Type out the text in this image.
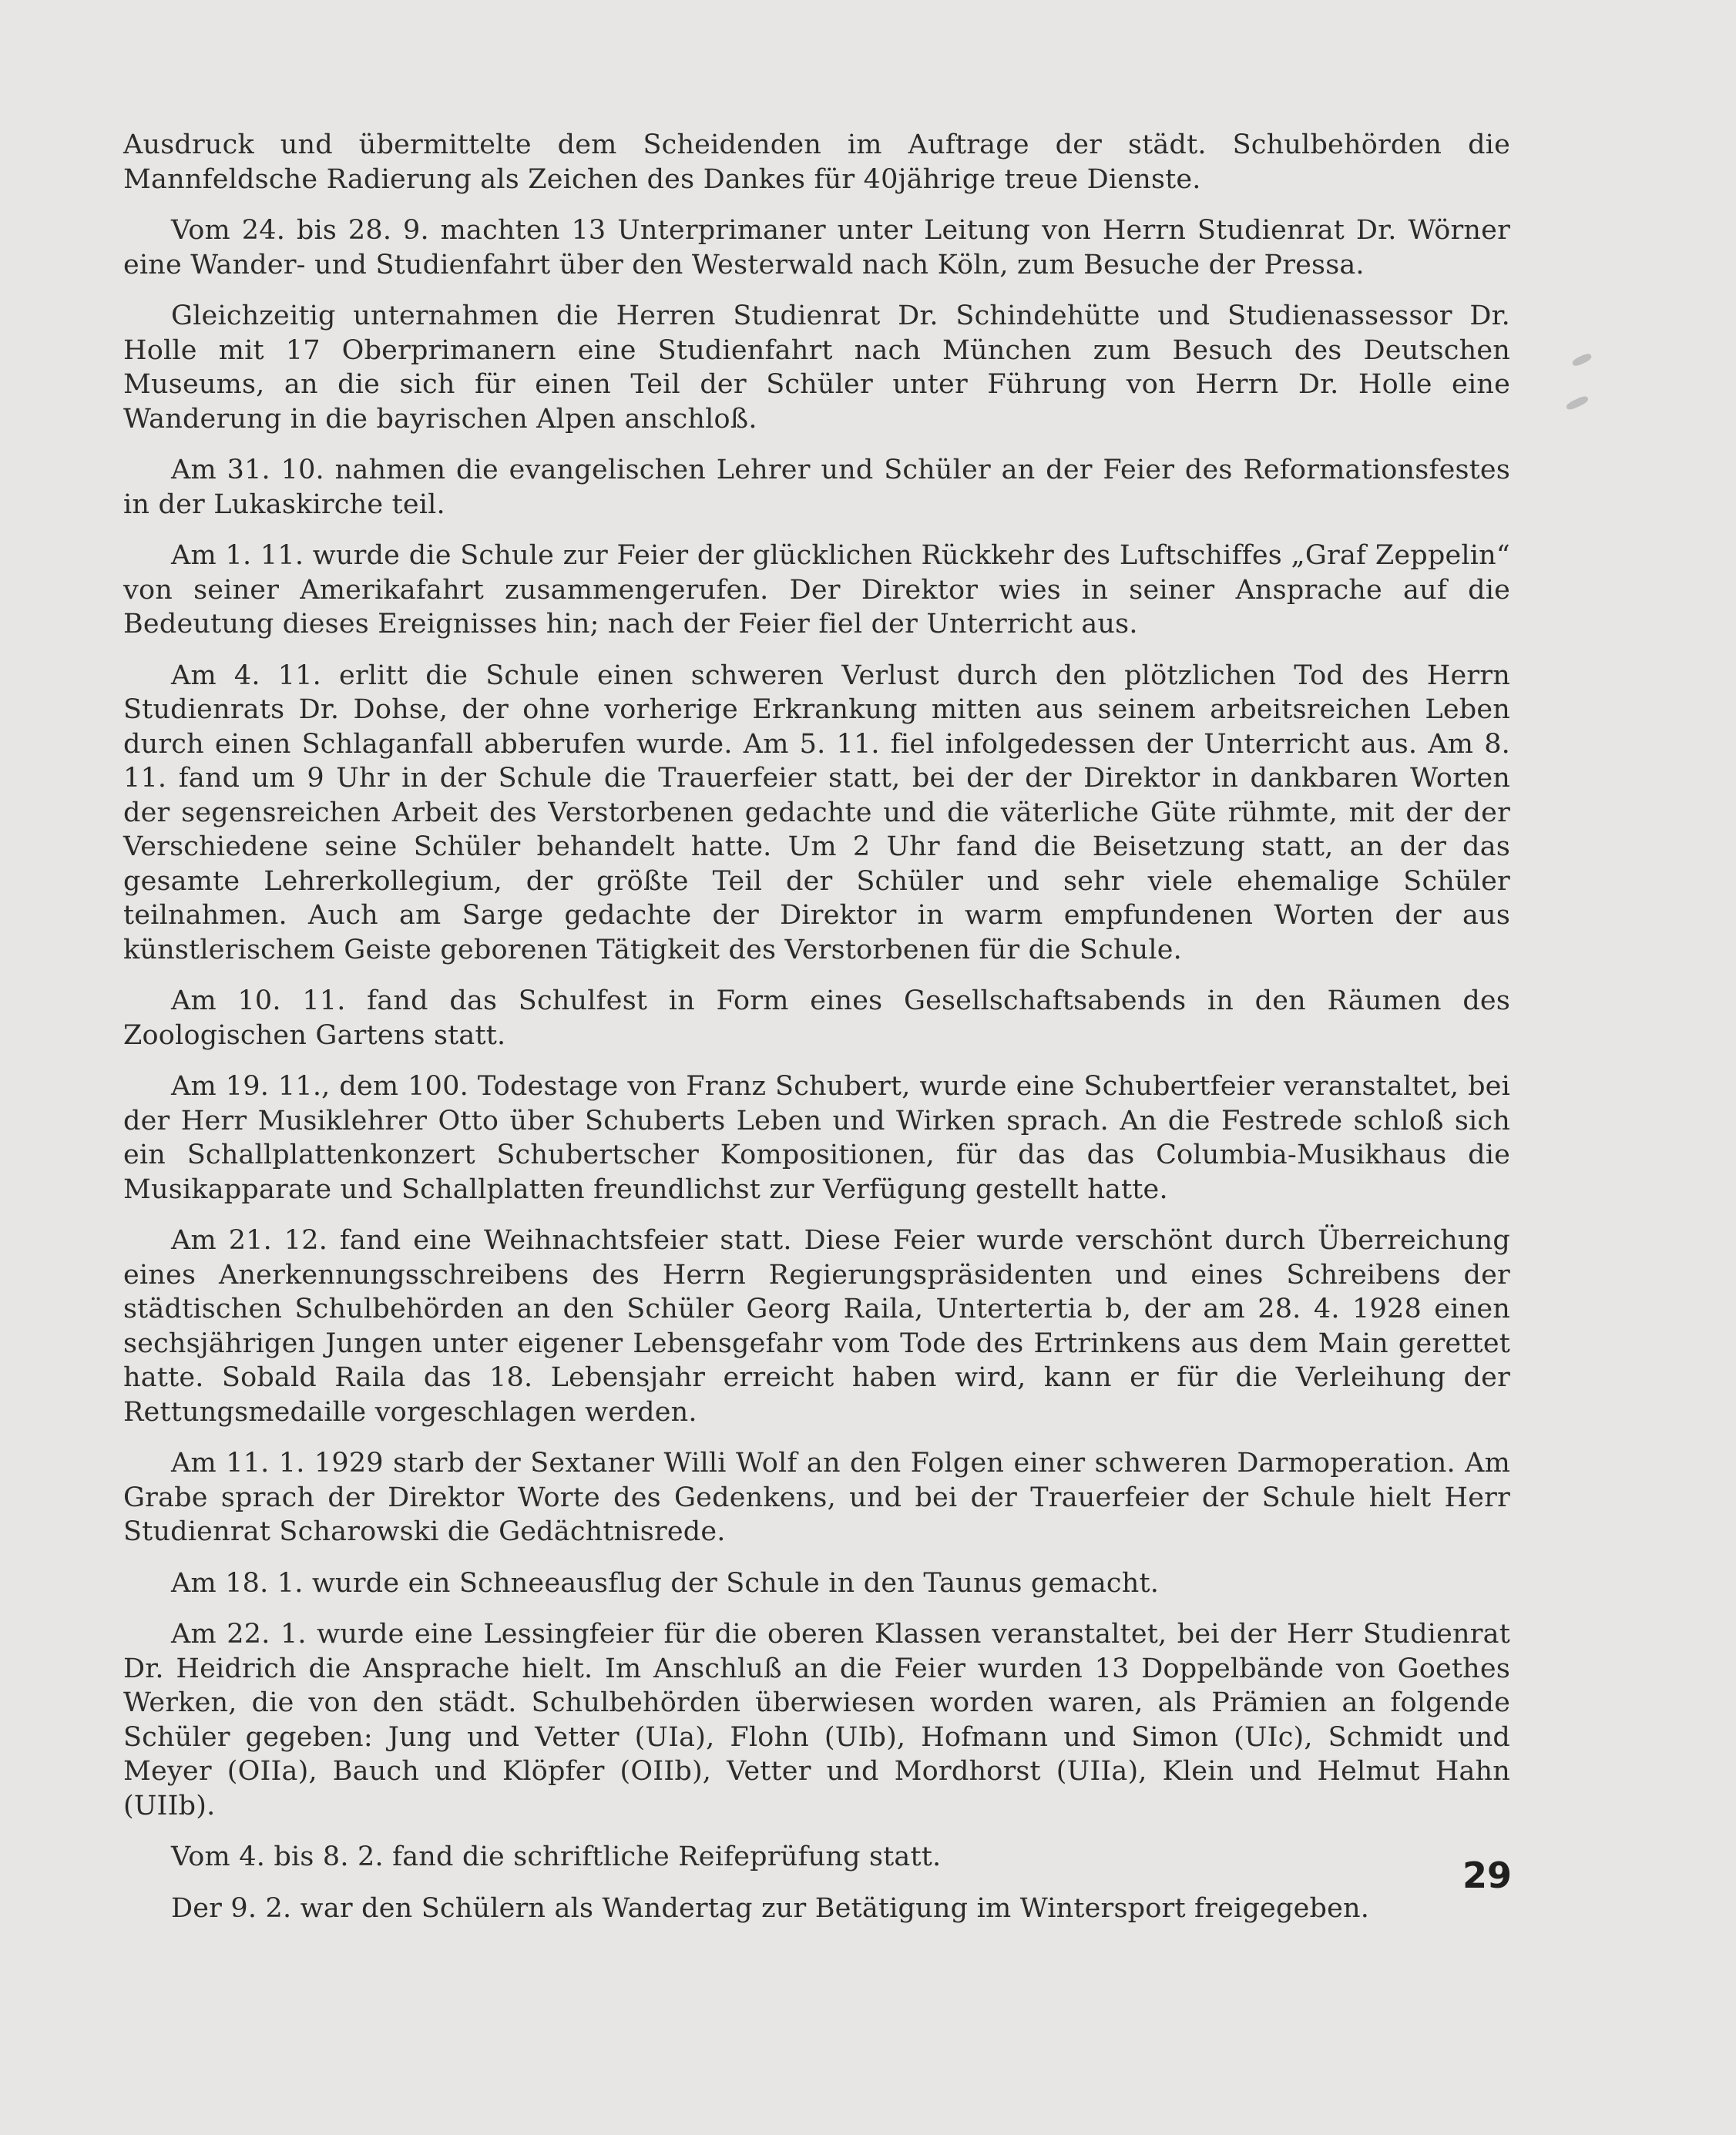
Ausdruck und übermittelte dem Scheidenden im Auftrage der städt. Schulbehörden die Mannfeldsche Radierung als Zeichen des Dankes für 40jährige treue Dienste.

Vom 24. bis 28. 9. machten 13 Unterprimaner unter Leitung von Herrn Studienrat Dr. Wörner eine Wander- und Studienfahrt über den Westerwald nach Köln, zum Besuche der Pressa.

Gleichzeitig unternahmen die Herren Studienrat Dr. Schindehütte und Studienassessor Dr. Holle mit 17 Oberprimanern eine Studienfahrt nach München zum Besuch des Deutschen Museums, an die sich für einen Teil der Schüler unter Führung von Herrn Dr. Holle eine Wanderung in die bayrischen Alpen anschloß.

Am 31. 10. nahmen die evangelischen Lehrer und Schüler an der Feier des Reformationsfestes in der Lukaskirche teil.

Am 1. 11. wurde die Schule zur Feier der glücklichen Rückkehr des Luftschiffes „Graf Zeppelin“ von seiner Amerikafahrt zusammengerufen. Der Direktor wies in seiner Ansprache auf die Bedeutung dieses Ereignisses hin; nach der Feier fiel der Unterricht aus.

Am 4. 11. erlitt die Schule einen schweren Verlust durch den plötzlichen Tod des Herrn Studienrats Dr. Dohse, der ohne vorherige Erkrankung mitten aus seinem arbeitsreichen Leben durch einen Schlaganfall abberufen wurde. Am 5. 11. fiel infolgedessen der Unterricht aus. Am 8. 11. fand um 9 Uhr in der Schule die Trauerfeier statt, bei der der Direktor in dankbaren Worten der segensreichen Arbeit des Verstorbenen gedachte und die väterliche Güte rühmte, mit der der Verschiedene seine Schüler behandelt hatte. Um 2 Uhr fand die Beisetzung statt, an der das gesamte Lehrerkollegium, der größte Teil der Schüler und sehr viele ehemalige Schüler teilnahmen. Auch am Sarge gedachte der Direktor in warm empfundenen Worten der aus künstlerischem Geiste geborenen Tätigkeit des Verstorbenen für die Schule.

Am 10. 11. fand das Schulfest in Form eines Gesellschaftsabends in den Räumen des Zoologischen Gartens statt.

Am 19. 11., dem 100. Todestage von Franz Schubert, wurde eine Schubertfeier veranstaltet, bei der Herr Musiklehrer Otto über Schuberts Leben und Wirken sprach. An die Festrede schloß sich ein Schallplattenkonzert Schubertscher Kompositionen, für das das Columbia-Musikhaus die Musikapparate und Schallplatten freundlichst zur Verfügung gestellt hatte.

Am 21. 12. fand eine Weihnachtsfeier statt. Diese Feier wurde verschönt durch Überreichung eines Anerkennungsschreibens des Herrn Regierungspräsidenten und eines Schreibens der städtischen Schulbehörden an den Schüler Georg Raila, Untertertia b, der am 28. 4. 1928 einen sechsjährigen Jungen unter eigener Lebensgefahr vom Tode des Ertrinkens aus dem Main gerettet hatte. Sobald Raila das 18. Lebensjahr erreicht haben wird, kann er für die Verleihung der Rettungsmedaille vorgeschlagen werden.

Am 11. 1. 1929 starb der Sextaner Willi Wolf an den Folgen einer schweren Darmoperation. Am Grabe sprach der Direktor Worte des Gedenkens, und bei der Trauerfeier der Schule hielt Herr Studienrat Scharowski die Gedächtnisrede.

Am 18. 1. wurde ein Schneeausflug der Schule in den Taunus gemacht.

Am 22. 1. wurde eine Lessingfeier für die oberen Klassen veranstaltet, bei der Herr Studienrat Dr. Heidrich die Ansprache hielt. Im Anschluß an die Feier wurden 13 Doppelbände von Goethes Werken, die von den städt. Schulbehörden überwiesen worden waren, als Prämien an folgende Schüler gegeben: Jung und Vetter (UIa), Flohn (UIb), Hofmann und Simon (UIc), Schmidt und Meyer (OIIa), Bauch und Klöpfer (OIIb), Vetter und Mordhorst (UIIa), Klein und Helmut Hahn (UIIb).

Vom 4. bis 8. 2. fand die schriftliche Reifeprüfung statt.

Der 9. 2. war den Schülern als Wandertag zur Betätigung im Wintersport freigegeben.

29
